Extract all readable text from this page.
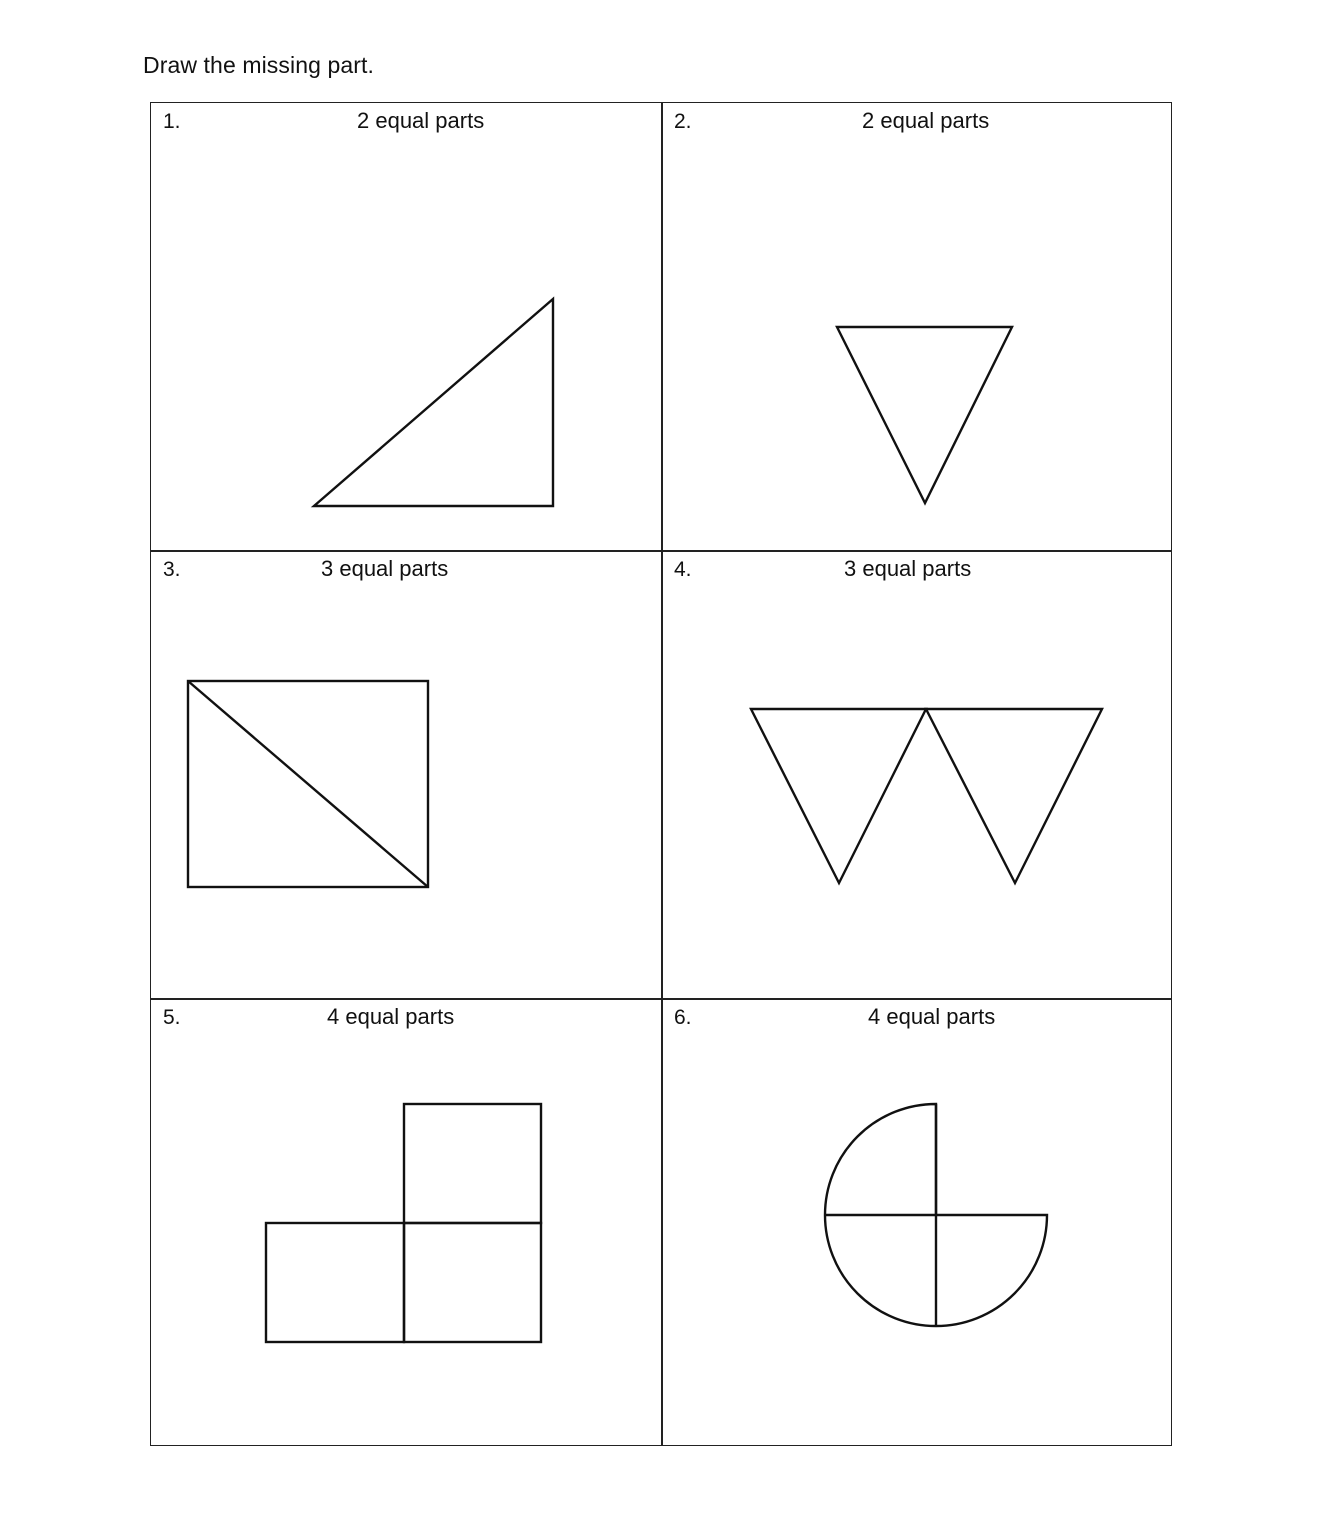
Draw the missing part.
1.	2 equal parts	2.	2 equal parts
3.	3 equal parts	4.	3 equal parts
5.	4 equal parts	6.	4 equal parts
